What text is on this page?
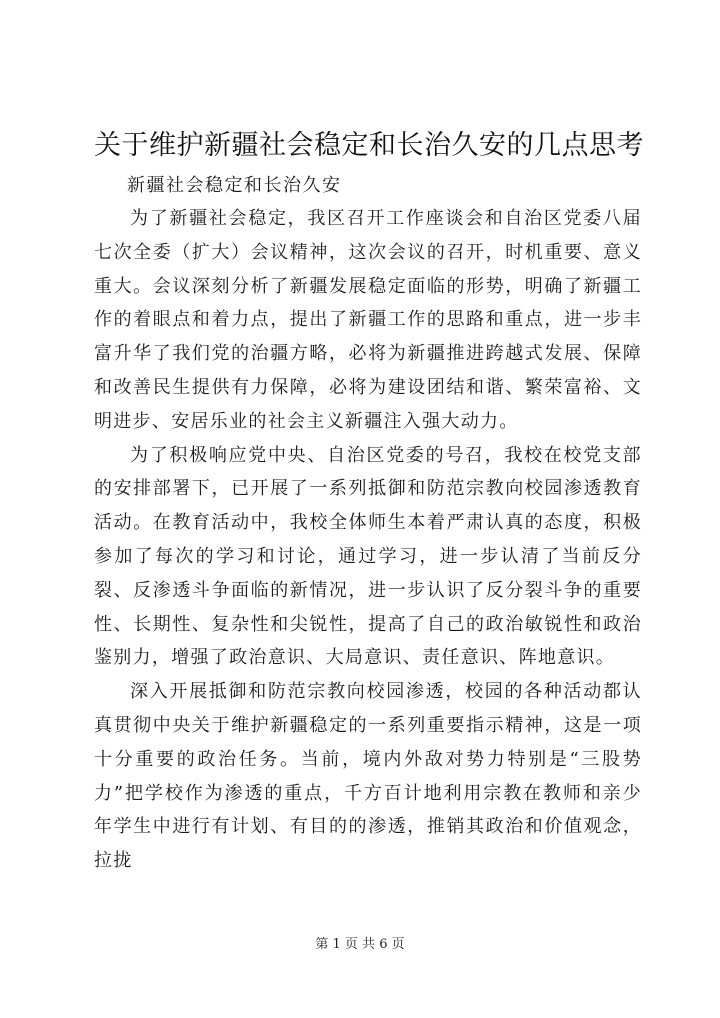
关于维护新疆社会稳定和长治久安的几点思考

新疆社会稳定和长治久安

为了新疆社会稳定，我区召开工作座谈会和自治区党委八届七次全委（扩大）会议精神，这次会议的召开，时机重要、意义重大。会议深刻分析了新疆发展稳定面临的形势，明确了新疆工作的着眼点和着力点，提出了新疆工作的思路和重点，进一步丰富升华了我们党的治疆方略，必将为新疆推进跨越式发展、保障和改善民生提供有力保障，必将为建设团结和谐、繁荣富裕、文明进步、安居乐业的社会主义新疆注入强大动力。

为了积极响应党中央、自治区党委的号召，我校在校党支部的安排部署下，已开展了一系列抵御和防范宗教向校园渗透教育活动。在教育活动中，我校全体师生本着严肃认真的态度，积极参加了每次的学习和讨论，通过学习，进一步认清了当前反分裂、反渗透斗争面临的新情况，进一步认识了反分裂斗争的重要性、长期性、复杂性和尖锐性，提高了自己的政治敏锐性和政治鉴别力，增强了政治意识、大局意识、责任意识、阵地意识。

深入开展抵御和防范宗教向校园渗透，校园的各种活动都认真贯彻中央关于维护新疆稳定的一系列重要指示精神，这是一项十分重要的政治任务。当前，境内外敌对势力特别是“三股势力”把学校作为渗透的重点，千方百计地利用宗教在教师和亲少年学生中进行有计划、有目的的渗透，推销其政治和价值观念，拉拢

第 1 页 共 6 页
